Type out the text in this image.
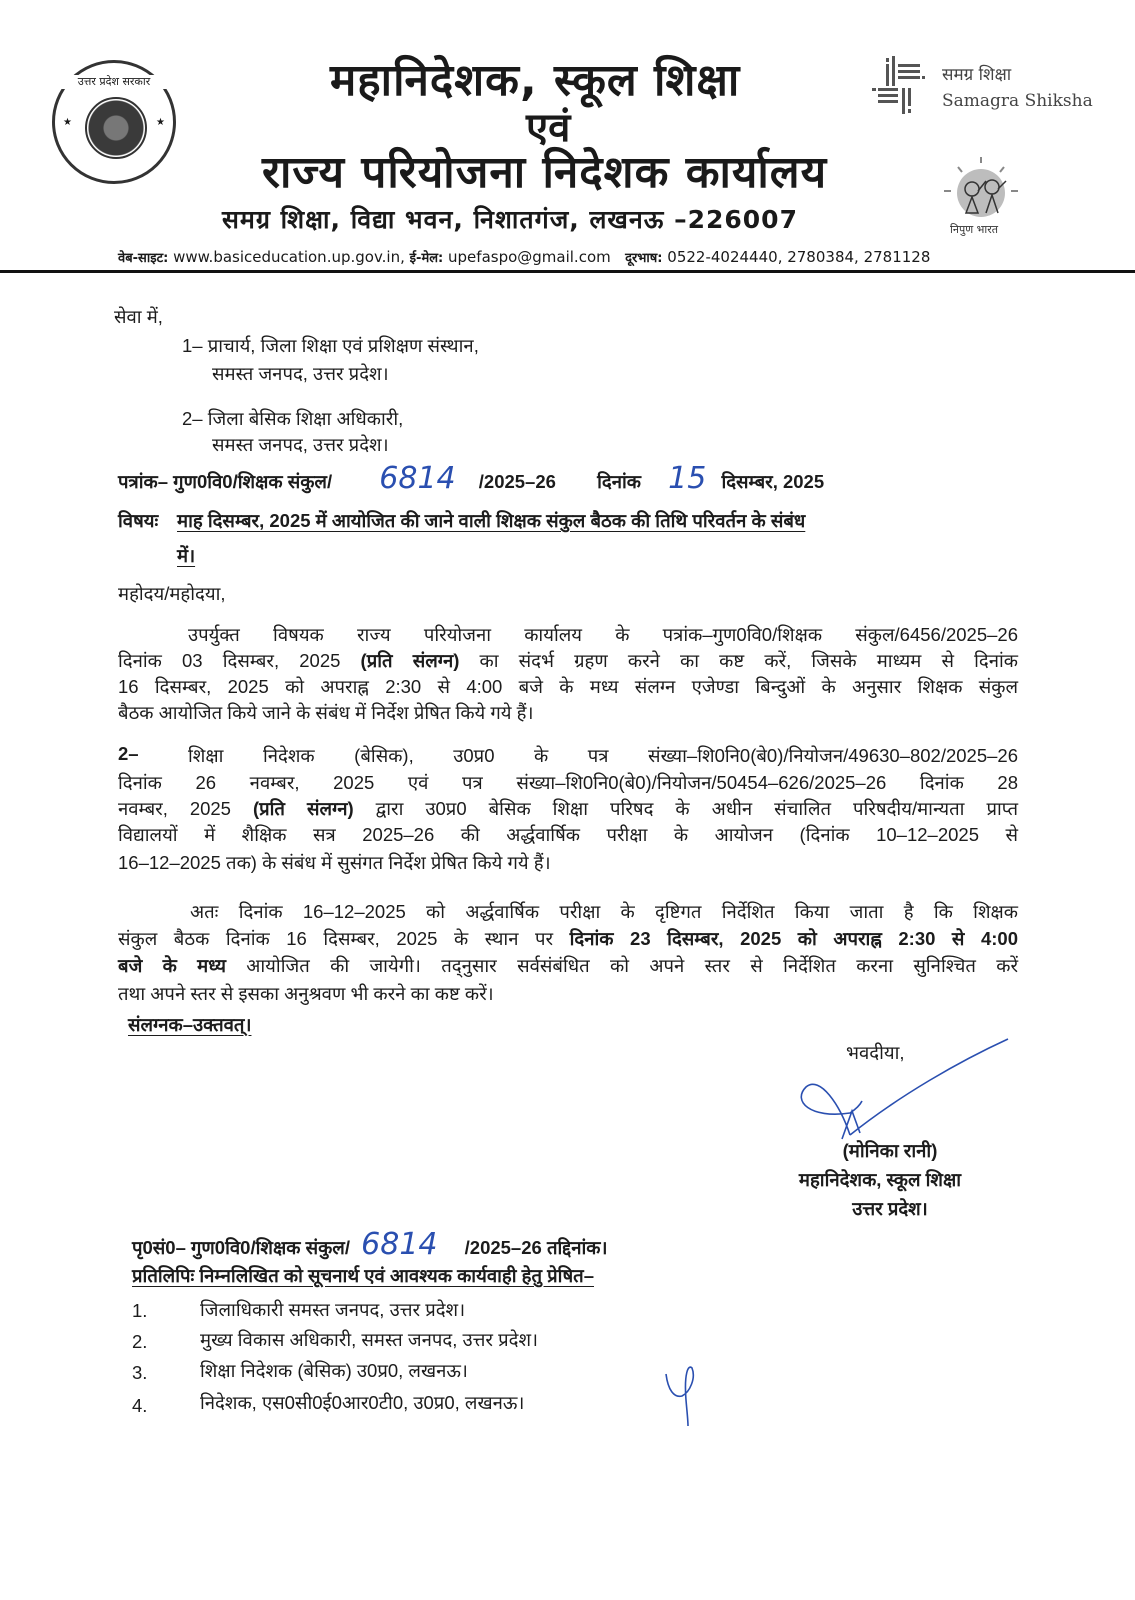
★	★
उत्तर प्रदेश सरकार	महानिदेशक, स्कूल शिक्षा
एवं
राज्य परियोजना निदेशक कार्यालय
समग्र शिक्षा, विद्या भवन, निशातगंज, लखनऊ –226007
वेब-साइट: www.basiceducation.up.gov.in, ई-मेल: upefaspo@gmail.com दूरभाष: 0522-4024440, 2780384, 2781128
समग्र शिक्षा
Samagra Shiksha
निपुण भारत
सेवा में,
1– प्राचार्य, जिला शिक्षा एवं प्रशिक्षण संस्थान,
समस्त जनपद, उत्तर प्रदेश।
2– जिला बेसिक शिक्षा अधिकारी,
समस्त जनपद, उत्तर प्रदेश।
पत्रांक– गुण0वि0/शिक्षक संकुल/ 6814 /2025–26 दिनांक 15 दिसम्बर, 2025
विषयः माह दिसम्बर, 2025 में आयोजित की जाने वाली शिक्षक संकुल बैठक की तिथि परिवर्तन के संबंध
में।
महोदय/महोदया,
उपर्युक्त विषयक राज्य परियोजना कार्यालय के पत्रांक–गुण0वि0/शिक्षक संकुल/6456/2025–26
दिनांक 03 दिसम्बर, 2025 (प्रति संलग्न) का संदर्भ ग्रहण करने का कष्ट करें, जिसके माध्यम से दिनांक
16 दिसम्बर, 2025 को अपराह्न 2:30 से 4:00 बजे के मध्य संलग्न एजेण्डा बिन्दुओं के अनुसार शिक्षक संकुल
बैठक आयोजित किये जाने के संबंध में निर्देश प्रेषित किये गये हैं।
2–	शिक्षा निदेशक (बेसिक), उ0प्र0 के पत्र संख्या–शि0नि0(बे0)/नियोजन/49630–802/2025–26
दिनांक 26 नवम्बर, 2025 एवं पत्र संख्या–शि0नि0(बे0)/नियोजन/50454–626/2025–26 दिनांक 28
नवम्बर, 2025 (प्रति संलग्न) द्वारा उ0प्र0 बेसिक शिक्षा परिषद के अधीन संचालित परिषदीय/मान्यता प्राप्त
विद्यालयों में शैक्षिक सत्र 2025–26 की अर्द्धवार्षिक परीक्षा के आयोजन (दिनांक 10–12–2025 से
16–12–2025 तक) के संबंध में सुसंगत निर्देश प्रेषित किये गये हैं।
अतः दिनांक 16–12–2025 को अर्द्धवार्षिक परीक्षा के दृष्टिगत निर्देशित किया जाता है कि शिक्षक
संकुल बैठक दिनांक 16 दिसम्बर, 2025 के स्थान पर दिनांक 23 दिसम्बर, 2025 को अपराह्न 2:30 से 4:00
बजे के मध्य आयोजित की जायेगी। तद्नुसार सर्वसंबंधित को अपने स्तर से निर्देशित करना सुनिश्चित करें
तथा अपने स्तर से इसका अनुश्रवण भी करने का कष्ट करें।
संलग्नक–उक्तवत्।
भवदीया,
(मोनिका रानी)
महानिदेशक, स्कूल शिक्षा
उत्तर प्रदेश।
पृ0सं0– गुण0वि0/शिक्षक संकुल/ 6814 /2025–26 तद्दिनांक।
प्रतिलिपिः निम्नलिखित को सूचनार्थ एवं आवश्यक कार्यवाही हेतु प्रेषित–
1.	जिलाधिकारी समस्त जनपद, उत्तर प्रदेश।
2.	मुख्य विकास अधिकारी, समस्त जनपद, उत्तर प्रदेश।
3.	शिक्षा निदेशक (बेसिक) उ0प्र0, लखनऊ।
4.	निदेशक, एस0सी0ई0आर0टी0, उ0प्र0, लखनऊ।
